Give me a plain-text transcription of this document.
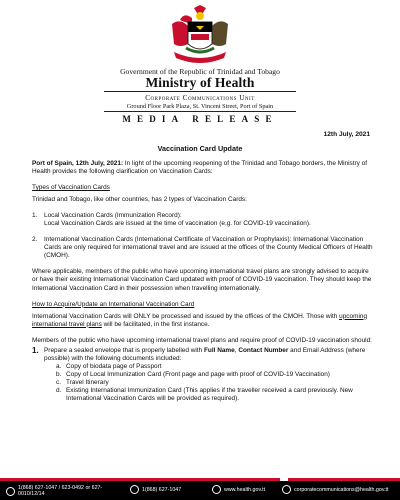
Government of the Republic of Trinidad and Tobago
Ministry of Health
Corporate Communications Unit
Ground Floor Park Plaza, St. Vincent Street, Port of Spain
MEDIA RELEASE
12th July, 2021
Vaccination Card Update

Port of Spain, 12th July, 2021: In light of the upcoming reopening of the Trinidad and Tobago borders, the Ministry of Health provides the following clarification on Vaccination Cards:

Types of Vaccination Cards

Trinidad and Tobago, like other countries, has 2 types of Vaccination Cards:

1.	Local Vaccination Cards (Immunization Record):
Local Vaccination Cards are issued at the time of vaccination (e.g. for COVID-19 vaccination).
2.	International Vaccination Cards (International Certificate of Vaccination or Prophylaxis): International Vaccination Cards are only required for international travel and are issued at the offices of the County Medical Officers of Health (CMOH).

Where applicable, members of the public who have upcoming international travel plans are strongly advised to acquire or have their existing International Vaccination Card updated with proof of COVID-19 vaccination. They should keep the International Vaccination Card in their possession when travelling internationally.

How to Acquire/Update an International Vaccination Card

International Vaccination Cards will ONLY be processed and issued by the offices of the CMOH. Those with upcoming international travel plans will be facilitated, in the first instance.

Members of the public who have upcoming international travel plans and require proof of COVID-19 vaccination should:

1. Prepare a sealed envelope that is properly labelled with Full Name, Contact Number and Email Address (where possible) with the following documents included:
a. Copy of biodata page of Passport
b. Copy of Local Immunization Card (Front page and page with proof of COVID-19 Vaccination)
c. Travel Itinerary
d. Existing International Immunization Card (This applies if the traveller received a card previously. New International Vaccination Cards will be provided as required).
1(868) 627-1047 / 623-0492 or 627-0010/12/14
1(868) 627-1047	www.health.gov.tt	corporatecommunications@health.gov.tt
